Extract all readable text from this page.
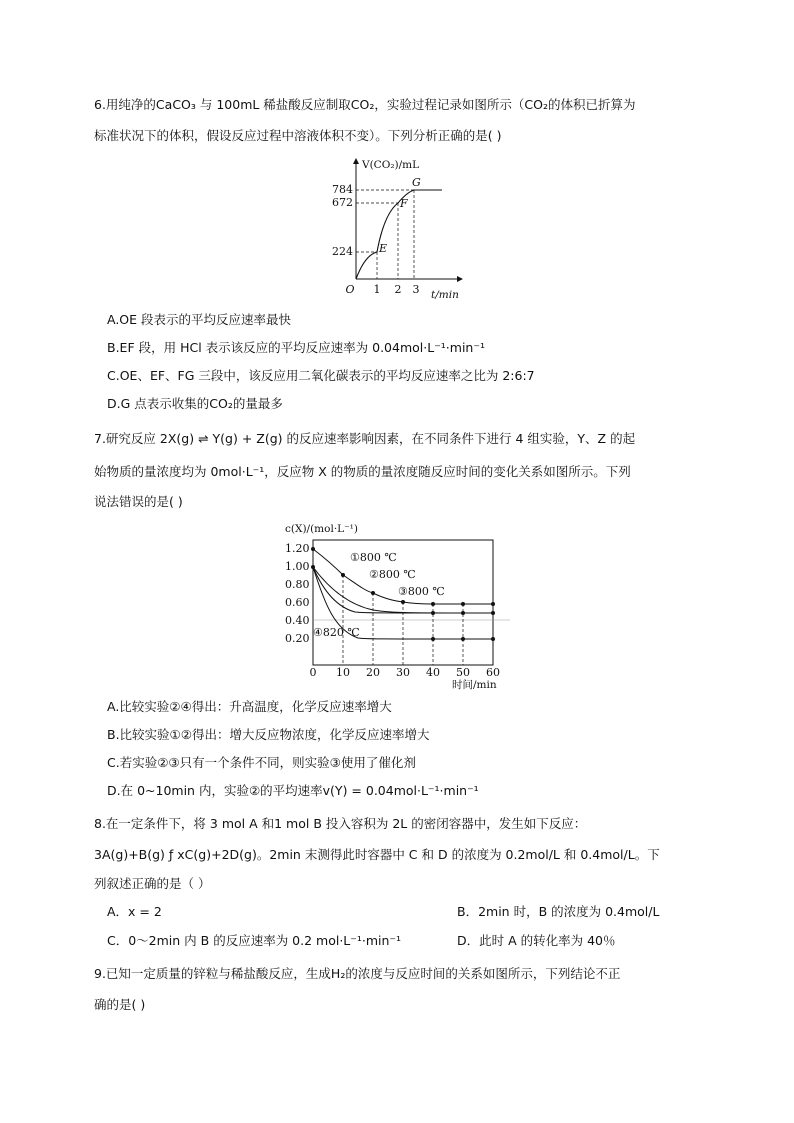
6.用纯净的CaCO₃ 与 100mL 稀盐酸反应制取CO₂，实验过程记录如图所示（CO₂的体积已折算为
标准状况下的体积，假设反应过程中溶液体积不变）。下列分析正确的是( )
784
672
224
1 2 3
O	t/min
V(CO₂)/mL
E
F
G
A.OE 段表示的平均反应速率最快
B.EF 段，用 HCl 表示该反应的平均反应速率为 0.04mol·L⁻¹·min⁻¹
C.OE、EF、FG 三段中，该反应用二氧化碳表示的平均反应速率之比为 2:6:7
D.G 点表示收集的CO₂的量最多
7.研究反应 2X(g) ⇌ Y(g) + Z(g) 的反应速率影响因素，在不同条件下进行 4 组实验，Y、Z 的起
始物质的量浓度均为 0mol·L⁻¹，反应物 X 的物质的量浓度随反应时间的变化关系如图所示。下列
说法错误的是( )
1.20
1.00
0.80
0.60
0.40
0.20
0 10 20 30 40 50 60
时间/min
c(X)/(mol·L⁻¹)
①800 ℃
②800 ℃
③800 ℃
④820 ℃
A.比较实验②④得出：升高温度，化学反应速率增大
B.比较实验①②得出：增大反应物浓度，化学反应速率增大
C.若实验②③只有一个条件不同，则实验③使用了催化剂
D.在 0~10min 内，实验②的平均速率v(Y) = 0.04mol·L⁻¹·min⁻¹
8.在一定条件下，将 3 mol A 和1 mol B 投入容积为 2L 的密闭容器中，发生如下反应：
3A(g)+B(g) ƒ xC(g)+2D(g)。2min 末测得此时容器中 C 和 D 的浓度为 0.2mol/L 和 0.4mol/L。下
列叙述正确的是（ ）
A．x = 2	B．2min 时，B 的浓度为 0.4mol/L
C．0～2min 内 B 的反应速率为 0.2 mol·L⁻¹·min⁻¹	D．此时 A 的转化率为 40％
9.已知一定质量的锌粒与稀盐酸反应，生成H₂的浓度与反应时间的关系如图所示，下列结论不正
确的是( )
